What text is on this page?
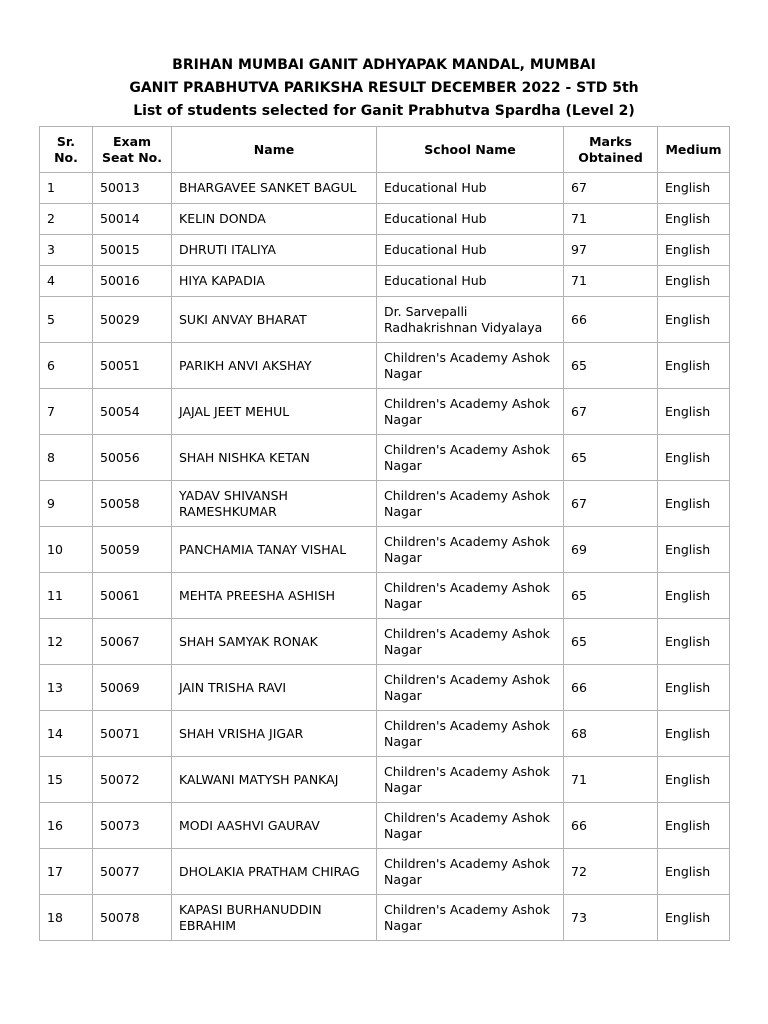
BRIHAN MUMBAI GANIT ADHYAPAK MANDAL, MUMBAI
GANIT PRABHUTVA PARIKSHA RESULT DECEMBER 2022 - STD 5th
List of students selected for Ganit Prabhutva Spardha (Level 2)
Sr.
No.	Exam
Seat No.	Name	School Name	Marks
Obtained	Medium
1	50013	BHARGAVEE SANKET BAGUL	Educational Hub	67	English
2	50014	KELIN DONDA	Educational Hub	71	English
3	50015	DHRUTI ITALIYA	Educational Hub	97	English
4	50016	HIYA KAPADIA	Educational Hub	71	English
5	50029	SUKI ANVAY BHARAT	Dr. Sarvepalli
Radhakrishnan Vidyalaya	66	English
6	50051	PARIKH ANVI AKSHAY	Children's Academy Ashok
Nagar	65	English
7	50054	JAJAL JEET MEHUL	Children's Academy Ashok
Nagar	67	English
8	50056	SHAH NISHKA KETAN	Children's Academy Ashok
Nagar	65	English
9	50058	YADAV SHIVANSH
RAMESHKUMAR	Children's Academy Ashok
Nagar	67	English
10	50059	PANCHAMIA TANAY VISHAL	Children's Academy Ashok
Nagar	69	English
11	50061	MEHTA PREESHA ASHISH	Children's Academy Ashok
Nagar	65	English
12	50067	SHAH SAMYAK RONAK	Children's Academy Ashok
Nagar	65	English
13	50069	JAIN TRISHA RAVI	Children's Academy Ashok
Nagar	66	English
14	50071	SHAH VRISHA JIGAR	Children's Academy Ashok
Nagar	68	English
15	50072	KALWANI MATYSH PANKAJ	Children's Academy Ashok
Nagar	71	English
16	50073	MODI AASHVI GAURAV	Children's Academy Ashok
Nagar	66	English
17	50077	DHOLAKIA PRATHAM CHIRAG	Children's Academy Ashok
Nagar	72	English
18	50078	KAPASI BURHANUDDIN
EBRAHIM	Children's Academy Ashok
Nagar	73	English
